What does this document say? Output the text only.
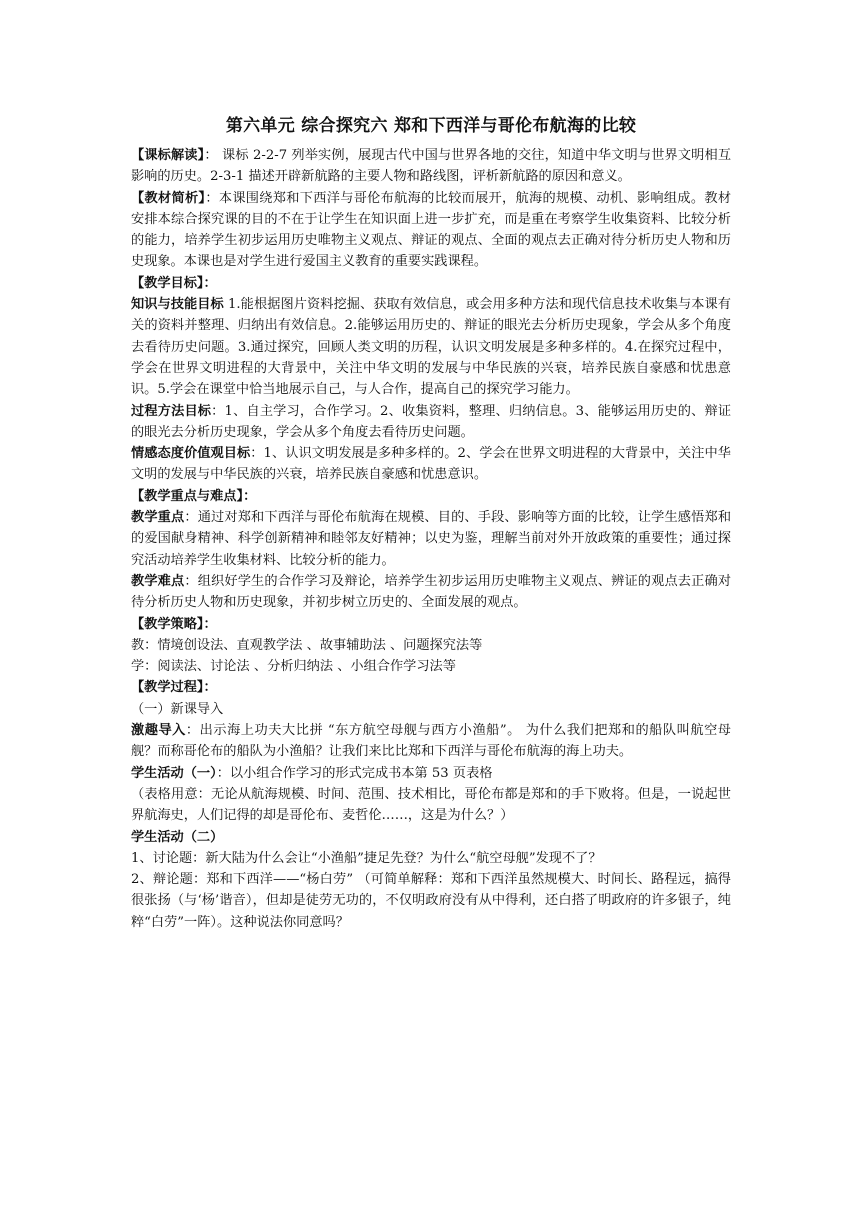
第六单元 综合探究六 郑和下西洋与哥伦布航海的比较

【课标解读】： 课标 2-2-7 列举实例，展现古代中国与世界各地的交往，知道中华文明与世界文明相互影响的历史。2-3-1 描述开辟新航路的主要人物和路线图，评析新航路的原因和意义。

【教材简析】：本课围绕郑和下西洋与哥伦布航海的比较而展开，航海的规模、动机、影响组成。教材安排本综合探究课的目的不在于让学生在知识面上进一步扩充，而是重在考察学生收集资料、比较分析的能力，培养学生初步运用历史唯物主义观点、辩证的观点、全面的观点去正确对待分析历史人物和历史现象。本课也是对学生进行爱国主义教育的重要实践课程。

【教学目标】：

知识与技能目标 1.能根据图片资料挖掘、获取有效信息，或会用多种方法和现代信息技术收集与本课有关的资料并整理、归纳出有效信息。2.能够运用历史的、辩证的眼光去分析历史现象，学会从多个角度去看待历史问题。3.通过探究，回顾人类文明的历程，认识文明发展是多种多样的。4.在探究过程中，学会在世界文明进程的大背景中，关注中华文明的发展与中华民族的兴衰，培养民族自豪感和忧患意识。5.学会在课堂中恰当地展示自己，与人合作，提高自己的探究学习能力。

过程方法目标：1、自主学习，合作学习。2、收集资料，整理、归纳信息。3、能够运用历史的、辩证的眼光去分析历史现象，学会从多个角度去看待历史问题。

情感态度价值观目标：1、认识文明发展是多种多样的。2、学会在世界文明进程的大背景中，关注中华文明的发展与中华民族的兴衰，培养民族自豪感和忧患意识。

【教学重点与难点】：

教学重点：通过对郑和下西洋与哥伦布航海在规模、目的、手段、影响等方面的比较，让学生感悟郑和的爱国献身精神、科学创新精神和睦邻友好精神；以史为鉴，理解当前对外开放政策的重要性；通过探究活动培养学生收集材料、比较分析的能力。

教学难点：组织好学生的合作学习及辩论，培养学生初步运用历史唯物主义观点、辨证的观点去正确对待分析历史人物和历史现象，并初步树立历史的、全面发展的观点。

【教学策略】：

教：情境创设法、直观教学法 、故事辅助法 、问题探究法等

学：阅读法、讨论法 、分析归纳法 、小组合作学习法等

【教学过程】：

（一）新课导入

激趣导入：出示海上功夫大比拼 “东方航空母舰与西方小渔船”。 为什么我们把郑和的船队叫航空母舰？而称哥伦布的船队为小渔船？让我们来比比郑和下西洋与哥伦布航海的海上功夫。

学生活动（一）：以小组合作学习的形式完成书本第 53 页表格

（表格用意：无论从航海规模、时间、范围、技术相比，哥伦布都是郑和的手下败将。但是，一说起世界航海史，人们记得的却是哥伦布、麦哲伦……，这是为什么？）

学生活动（二）

1、讨论题：新大陆为什么会让“小渔船”捷足先登？为什么“航空母舰”发现不了？

2、辩论题：郑和下西洋——“杨白劳” （可简单解释：郑和下西洋虽然规模大、时间长、路程远，搞得很张扬（与‘杨’谐音），但却是徒劳无功的，不仅明政府没有从中得利，还白搭了明政府的许多银子，纯粹“白劳”一阵）。这种说法你同意吗？
